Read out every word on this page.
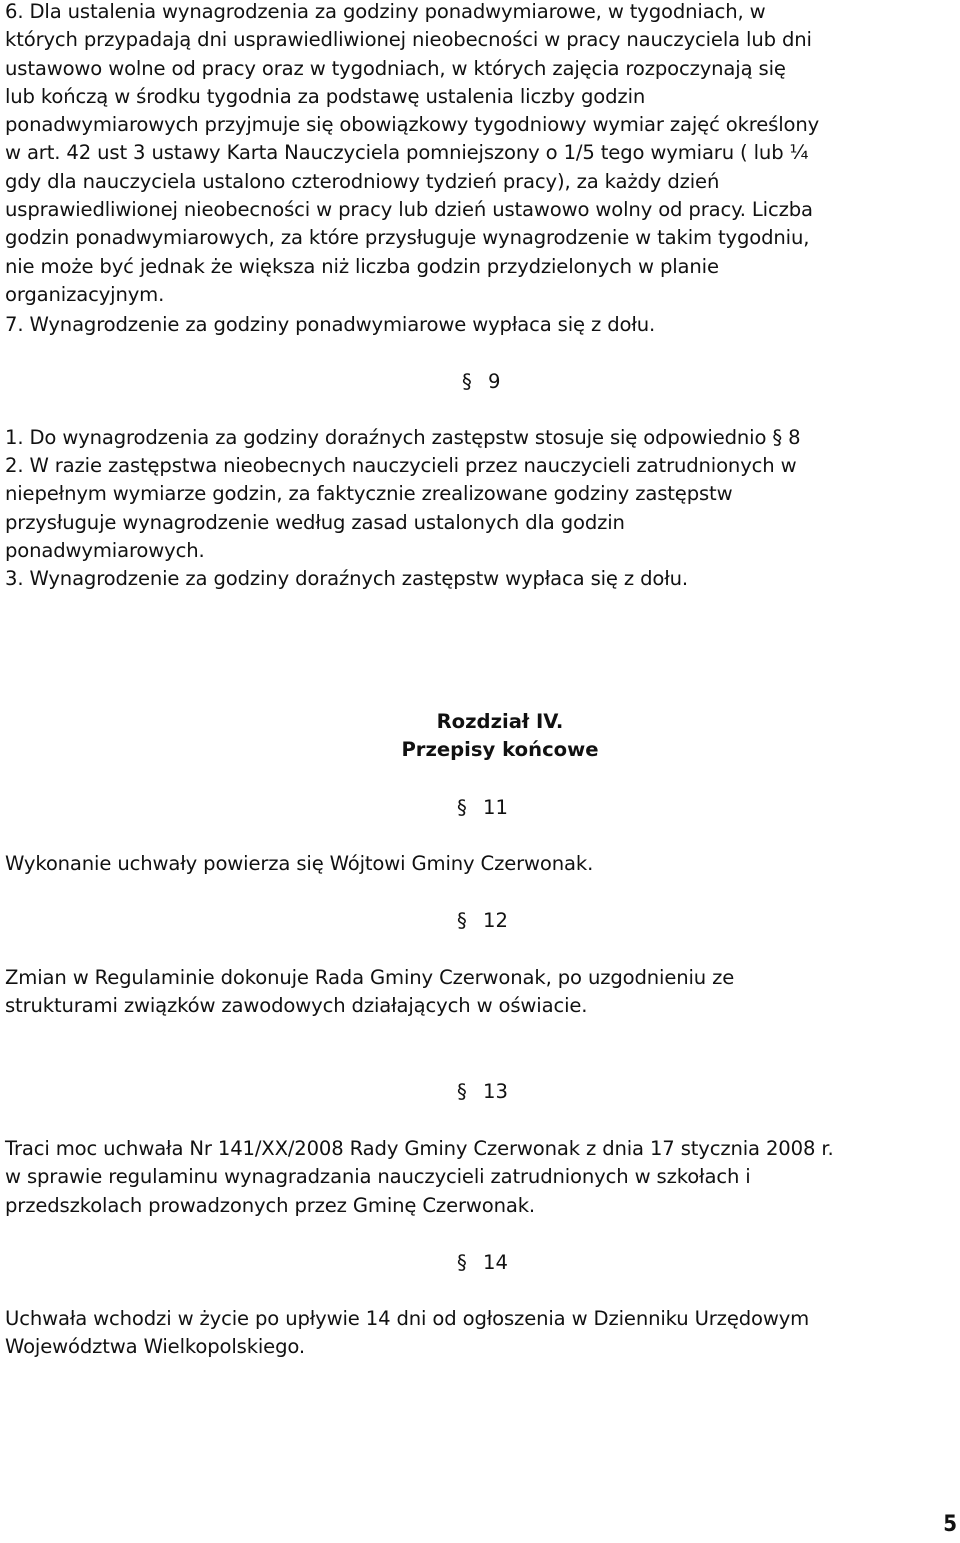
6. Dla ustalenia wynagrodzenia za godziny ponadwymiarowe, w tygodniach, w
których przypadają dni usprawiedliwionej nieobecności w pracy nauczyciela lub dni
ustawowo wolne od pracy oraz w tygodniach, w których zajęcia rozpoczynają się
lub kończą w środku tygodnia za podstawę ustalenia liczby godzin
ponadwymiarowych przyjmuje się obowiązkowy tygodniowy wymiar zajęć określony
w art. 42 ust 3 ustawy Karta Nauczyciela pomniejszony o 1/5 tego wymiaru ( lub ¼
gdy dla nauczyciela ustalono czterodniowy tydzień pracy), za każdy dzień
usprawiedliwionej nieobecności w pracy lub dzień ustawowo wolny od pracy. Liczba
godzin ponadwymiarowych, za które przysługuje wynagrodzenie w takim tygodniu,
nie może być jednak że większa niż liczba godzin przydzielonych w planie
organizacyjnym.
7. Wynagrodzenie za godziny ponadwymiarowe wypłaca się z dołu.
§ 9
1. Do wynagrodzenia za godziny doraźnych zastępstw stosuje się odpowiednio § 8
2. W razie zastępstwa nieobecnych nauczycieli przez nauczycieli zatrudnionych w
niepełnym wymiarze godzin, za faktycznie zrealizowane godziny zastępstw
przysługuje wynagrodzenie według zasad ustalonych dla godzin
ponadwymiarowych.
3. Wynagrodzenie za godziny doraźnych zastępstw wypłaca się z dołu.
Rozdział IV.
Przepisy końcowe
§ 11
Wykonanie uchwały powierza się Wójtowi Gminy Czerwonak.
§ 12
Zmian w Regulaminie dokonuje Rada Gminy Czerwonak, po uzgodnieniu ze
strukturami związków zawodowych działających w oświacie.
§ 13
Traci moc uchwała Nr 141/XX/2008 Rady Gminy Czerwonak z dnia 17 stycznia 2008 r.
w sprawie regulaminu wynagradzania nauczycieli zatrudnionych w szkołach i
przedszkolach prowadzonych przez Gminę Czerwonak.
§ 14
Uchwała wchodzi w życie po upływie 14 dni od ogłoszenia w Dzienniku Urzędowym
Województwa Wielkopolskiego.
5
